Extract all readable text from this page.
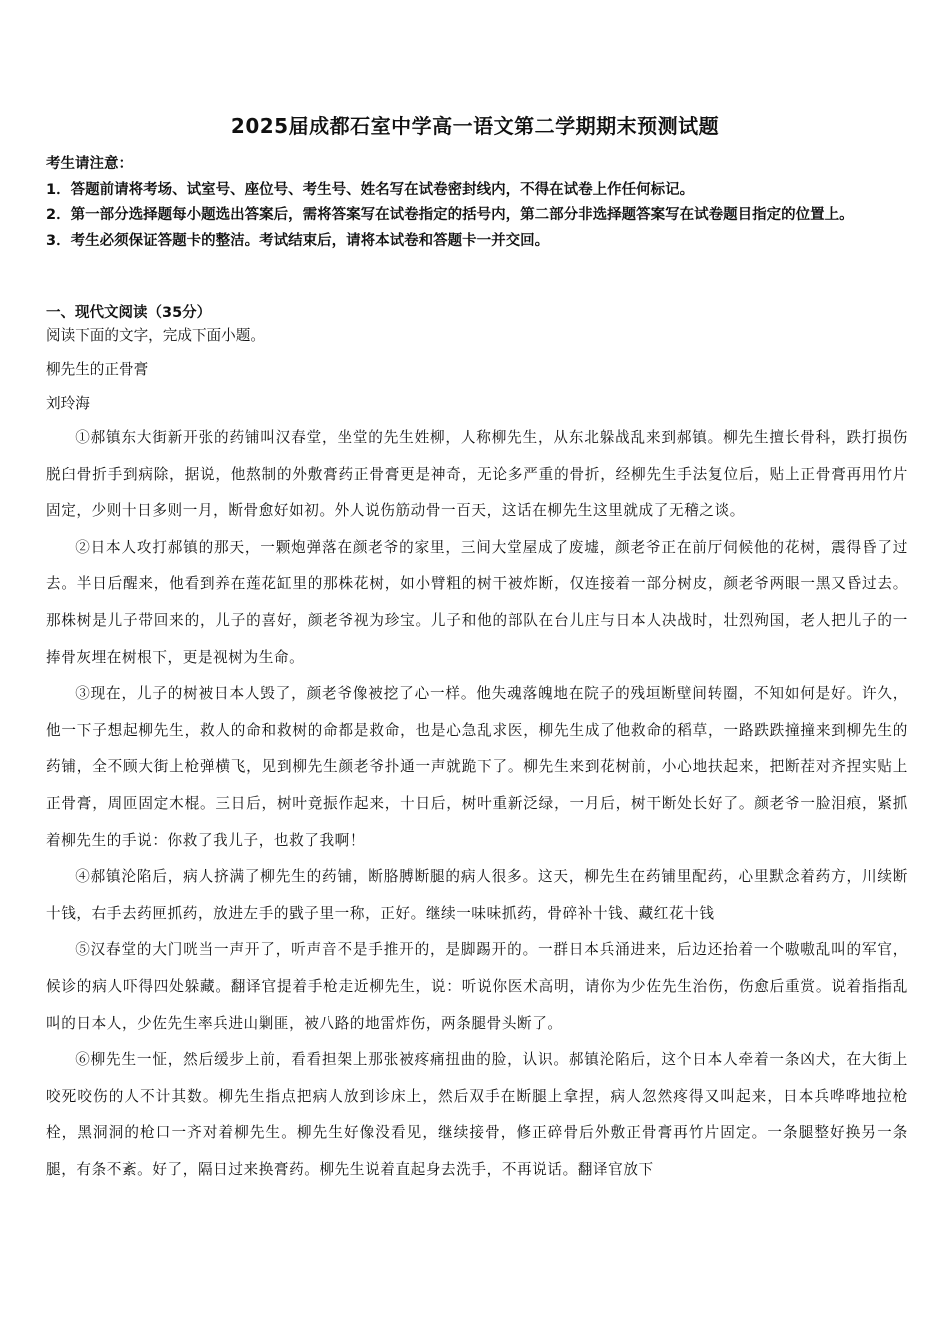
2025届成都石室中学高一语文第二学期期末预测试题

考生请注意：

1．答题前请将考场、试室号、座位号、考生号、姓名写在试卷密封线内，不得在试卷上作任何标记。

2．第一部分选择题每小题选出答案后，需将答案写在试卷指定的括号内，第二部分非选择题答案写在试卷题目指定的位置上。

3．考生必须保证答题卡的整洁。考试结束后，请将本试卷和答题卡一并交回。

一、现代文阅读（35分）
阅读下面的文字，完成下面小题。
柳先生的正骨膏
刘玲海

①郝镇东大街新开张的药铺叫汉春堂，坐堂的先生姓柳，人称柳先生，从东北躲战乱来到郝镇。柳先生擅长骨科，跌打损伤脱臼骨折手到病除，据说，他熬制的外敷膏药正骨膏更是神奇，无论多严重的骨折，经柳先生手法复位后，贴上正骨膏再用竹片固定，少则十日多则一月，断骨愈好如初。外人说伤筋动骨一百天，这话在柳先生这里就成了无稽之谈。

②日本人攻打郝镇的那天，一颗炮弹落在颜老爷的家里，三间大堂屋成了废墟，颜老爷正在前厅伺候他的花树，震得昏了过去。半日后醒来，他看到养在莲花缸里的那株花树，如小臂粗的树干被炸断，仅连接着一部分树皮，颜老爷两眼一黑又昏过去。那株树是儿子带回来的，儿子的喜好，颜老爷视为珍宝。儿子和他的部队在台儿庄与日本人决战时，壮烈殉国，老人把儿子的一捧骨灰埋在树根下，更是视树为生命。

③现在，儿子的树被日本人毁了，颜老爷像被挖了心一样。他失魂落魄地在院子的残垣断壁间转圈，不知如何是好。许久，他一下子想起柳先生，救人的命和救树的命都是救命，也是心急乱求医，柳先生成了他救命的稻草，一路跌跌撞撞来到柳先生的药铺，全不顾大街上枪弹横飞，见到柳先生颜老爷扑通一声就跪下了。柳先生来到花树前，小心地扶起来，把断茬对齐捏实贴上正骨膏，周匝固定木棍。三日后，树叶竟振作起来，十日后，树叶重新泛绿，一月后，树干断处长好了。颜老爷一脸泪痕，紧抓着柳先生的手说：你救了我儿子，也救了我啊！

④郝镇沦陷后，病人挤满了柳先生的药铺，断胳膊断腿的病人很多。这天，柳先生在药铺里配药，心里默念着药方，川续断十钱，右手去药匣抓药，放进左手的戥子里一称，正好。继续一味味抓药，骨碎补十钱、藏红花十钱

⑤汉春堂的大门咣当一声开了，听声音不是手推开的，是脚踢开的。一群日本兵涌进来，后边还抬着一个嗷嗷乱叫的军官，候诊的病人吓得四处躲藏。翻译官提着手枪走近柳先生，说：听说你医术高明，请你为少佐先生治伤，伤愈后重赏。说着指指乱叫的日本人，少佐先生率兵进山剿匪，被八路的地雷炸伤，两条腿骨头断了。

⑥柳先生一怔，然后缓步上前，看看担架上那张被疼痛扭曲的脸，认识。郝镇沦陷后，这个日本人牵着一条凶犬，在大街上咬死咬伤的人不计其数。柳先生指点把病人放到诊床上，然后双手在断腿上拿捏，病人忽然疼得又叫起来，日本兵哗哗地拉枪栓，黑洞洞的枪口一齐对着柳先生。柳先生好像没看见，继续接骨，修正碎骨后外敷正骨膏再竹片固定。一条腿整好换另一条腿，有条不紊。好了，隔日过来换膏药。柳先生说着直起身去洗手，不再说话。翻译官放下
